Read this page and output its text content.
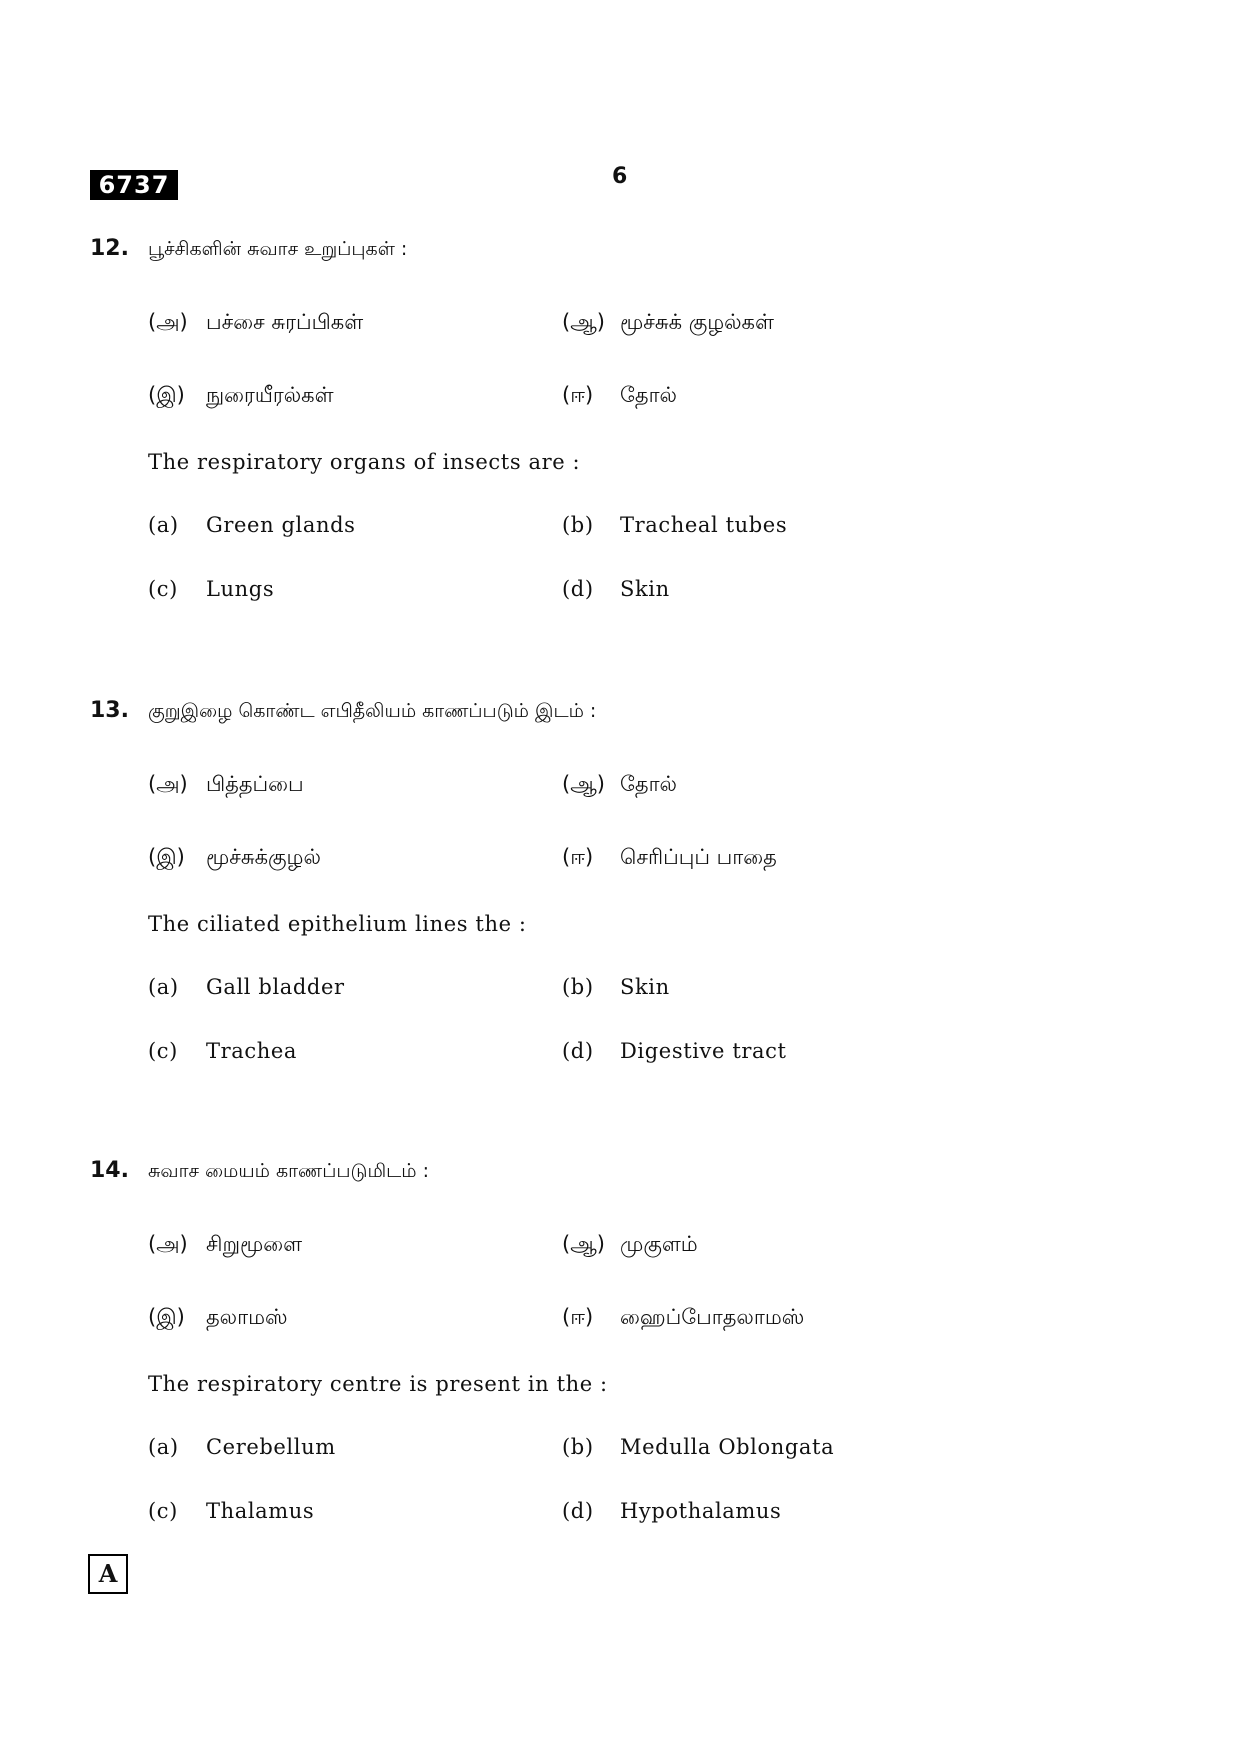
6737	6
12. பூச்சிகளின் சுவாச உறுப்புகள் :
(அ) பச்சை சுரப்பிகள்	(ஆ) மூச்சுக் குழல்கள்
(இ) நுரையீரல்கள்	(ஈ) தோல்
The respiratory organs of insects are :
(a) Green glands	(b) Tracheal tubes
(c) Lungs	(d) Skin
13. குறுஇழை கொண்ட எபிதீலியம் காணப்படும் இடம் :
(அ) பித்தப்பை	(ஆ) தோல்
(இ) மூச்சுக்குழல்	(ஈ) செரிப்புப் பாதை
The ciliated epithelium lines the :
(a) Gall bladder	(b) Skin
(c) Trachea	(d) Digestive tract
14. சுவாச மையம் காணப்படுமிடம் :
(அ) சிறுமூளை	(ஆ) முகுளம்
(இ) தலாமஸ்	(ஈ) ஹைப்போதலாமஸ்
The respiratory centre is present in the :
(a) Cerebellum	(b) Medulla Oblongata
(c) Thalamus	(d) Hypothalamus
A
